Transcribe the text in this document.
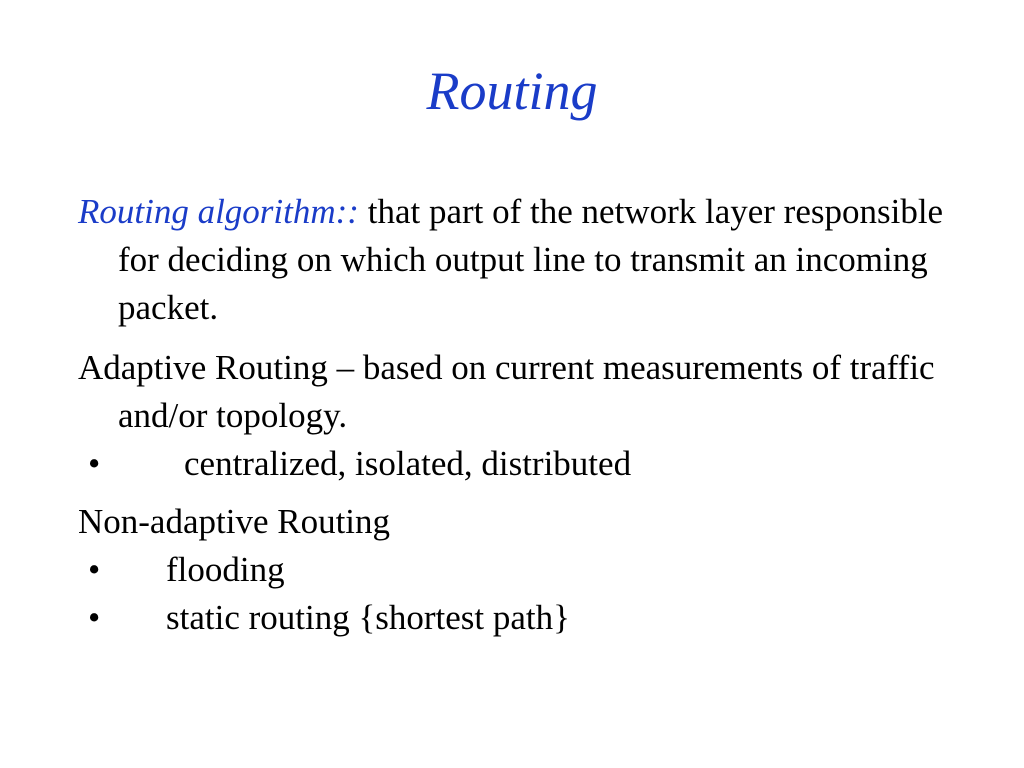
Routing

Routing algorithm:: that part of the network layer responsible for deciding on which output line to transmit an incoming packet.

Adaptive Routing – based on current measurements of traffic and/or topology.

•	centralized, isolated, distributed

Non-adaptive Routing

•	flooding
•	static routing {shortest path}
